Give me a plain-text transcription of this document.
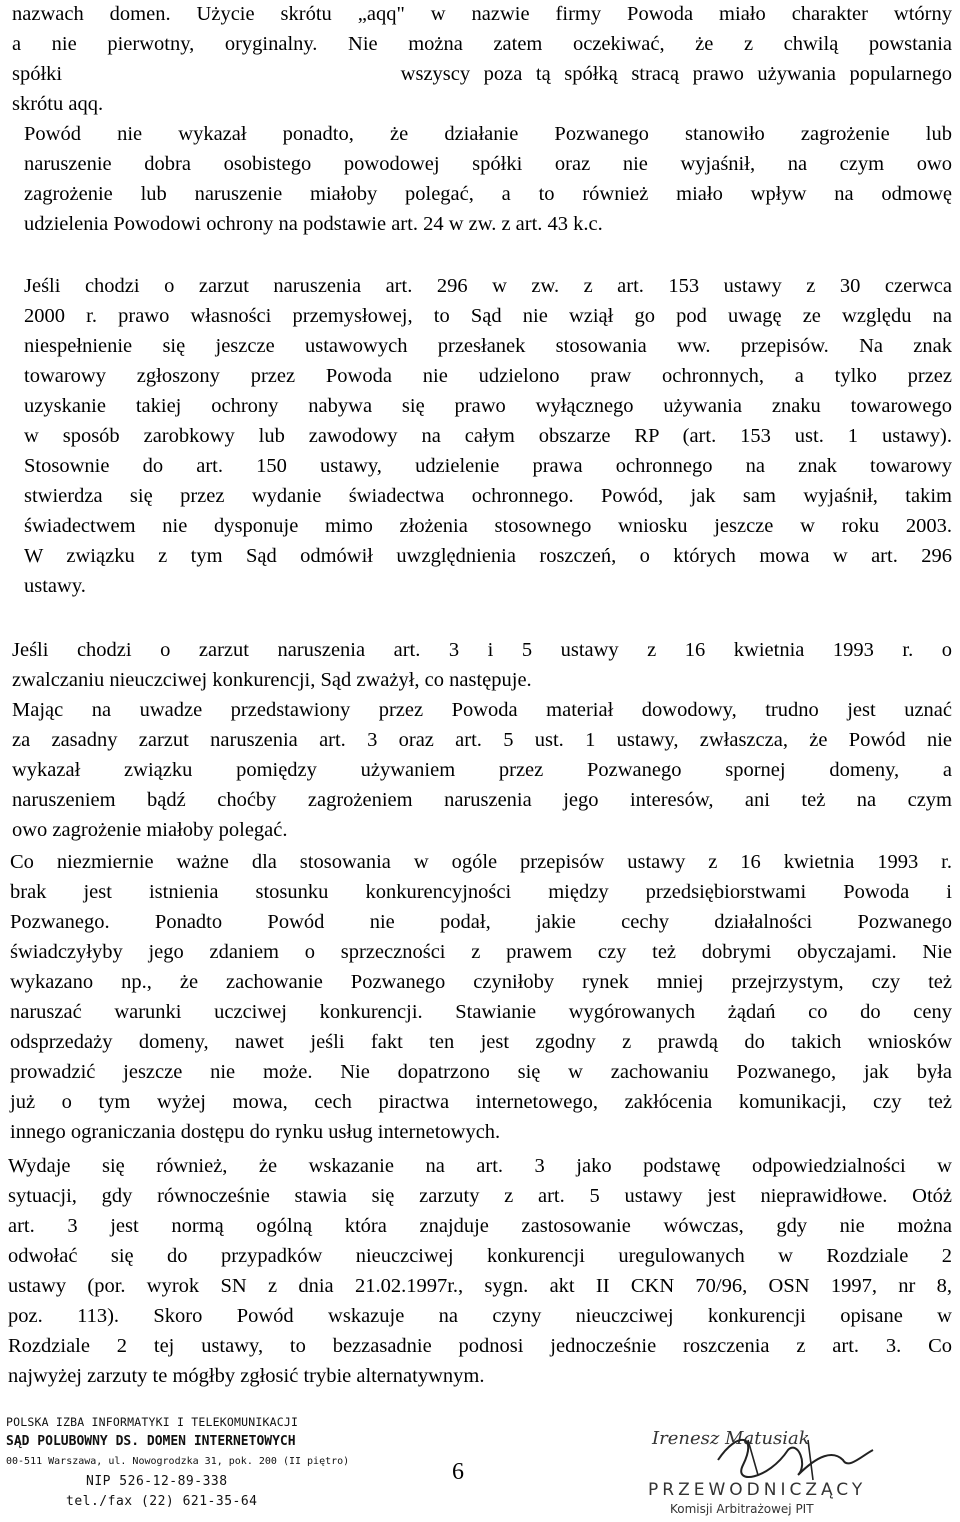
nazwach domen. Użycie skrótu „aqq" w nazwie firmy Powoda miało charakter wtórny
a nie pierwotny, oryginalny. Nie można zatem oczekiwać, że z chwilą powstania
spółki                         wszyscy poza tą spółką stracą prawo używania popularnego
skrótu aqq.
Powód nie wykazał ponadto, że działanie Pozwanego stanowiło zagrożenie lub
naruszenie dobra osobistego powodowej spółki oraz nie wyjaśnił, na czym owo
zagrożenie lub naruszenie miałoby polegać, a to również miało wpływ na odmowę
udzielenia Powodowi ochrony na podstawie art. 24 w zw. z art. 43 k.c.
Jeśli chodzi o zarzut naruszenia art. 296 w zw. z art. 153 ustawy z 30 czerwca
2000 r. prawo własności przemysłowej, to Sąd nie wziął go pod uwagę ze względu na
niespełnienie się jeszcze ustawowych przesłanek stosowania ww. przepisów. Na znak
towarowy zgłoszony przez Powoda nie udzielono praw ochronnych, a tylko przez
uzyskanie takiej ochrony nabywa się prawo wyłącznego używania znaku towarowego
w sposób zarobkowy lub zawodowy na całym obszarze RP (art. 153 ust. 1 ustawy).
Stosownie do art. 150 ustawy, udzielenie prawa ochronnego na znak towarowy
stwierdza się przez wydanie świadectwa ochronnego. Powód, jak sam wyjaśnił, takim
świadectwem nie dysponuje mimo złożenia stosownego wniosku jeszcze w roku 2003.
W związku z tym Sąd odmówił uwzględnienia roszczeń, o których mowa w art. 296
ustawy.
Jeśli chodzi o zarzut naruszenia art. 3 i 5 ustawy z 16 kwietnia 1993 r. o
zwalczaniu nieuczciwej konkurencji, Sąd zważył, co następuje.
Mając na uwadze przedstawiony przez Powoda materiał dowodowy, trudno jest uznać
za zasadny zarzut naruszenia art. 3 oraz art. 5 ust. 1 ustawy, zwłaszcza, że Powód nie
wykazał związku pomiędzy używaniem przez Pozwanego spornej domeny, a
naruszeniem bądź choćby zagrożeniem naruszenia jego interesów, ani też na czym
owo zagrożenie miałoby polegać.
Co niezmiernie ważne dla stosowania w ogóle przepisów ustawy z 16 kwietnia 1993 r.
brak jest istnienia stosunku konkurencyjności między przedsiębiorstwami Powoda i
Pozwanego. Ponadto Powód nie podał, jakie cechy działalności Pozwanego
świadczyłyby jego zdaniem o sprzeczności z prawem czy też dobrymi obyczajami. Nie
wykazano np., że zachowanie Pozwanego czyniłoby rynek mniej przejrzystym, czy też
naruszać warunki uczciwej konkurencji. Stawianie wygórowanych żądań co do ceny
odsprzedaży domeny, nawet jeśli fakt ten jest zgodny z prawdą do takich wniosków
prowadzić jeszcze nie może. Nie dopatrzono się w zachowaniu Pozwanego, jak była
już o tym wyżej mowa, cech piractwa internetowego, zakłócenia komunikacji, czy też
innego ograniczania dostępu do rynku usług internetowych.
Wydaje się również, że wskazanie na art. 3 jako podstawę odpowiedzialności w
sytuacji, gdy równocześnie stawia się zarzuty z art. 5 ustawy jest nieprawidłowe. Otóż
art. 3 jest normą ogólną która znajduje zastosowanie wówczas, gdy nie można
odwołać się do przypadków nieuczciwej konkurencji uregulowanych w Rozdziale 2
ustawy (por. wyrok SN z dnia 21.02.1997r., sygn. akt II CKN 70/96, OSN 1997, nr 8,
poz. 113). Skoro Powód wskazuje na czyny nieuczciwej konkurencji opisane w
Rozdziale 2 tej ustawy, to bezzasadnie podnosi jednocześnie roszczenia z art. 3. Co
najwyżej zarzuty te mógłby zgłosić trybie alternatywnym.
POLSKA IZBA INFORMATYKI I TELEKOMUNIKACJI
SĄD POLUBOWNY DS. DOMEN INTERNETOWYCH
00-511 Warszawa, ul. Nowogrodzka 31, pok. 200 (II piętro)
NIP 526-12-89-338
tel./fax (22) 621-35-64
6
Irenesz Matusiak
PRZEWODNICZĄCY
Komisji Arbitrażowej PIT
